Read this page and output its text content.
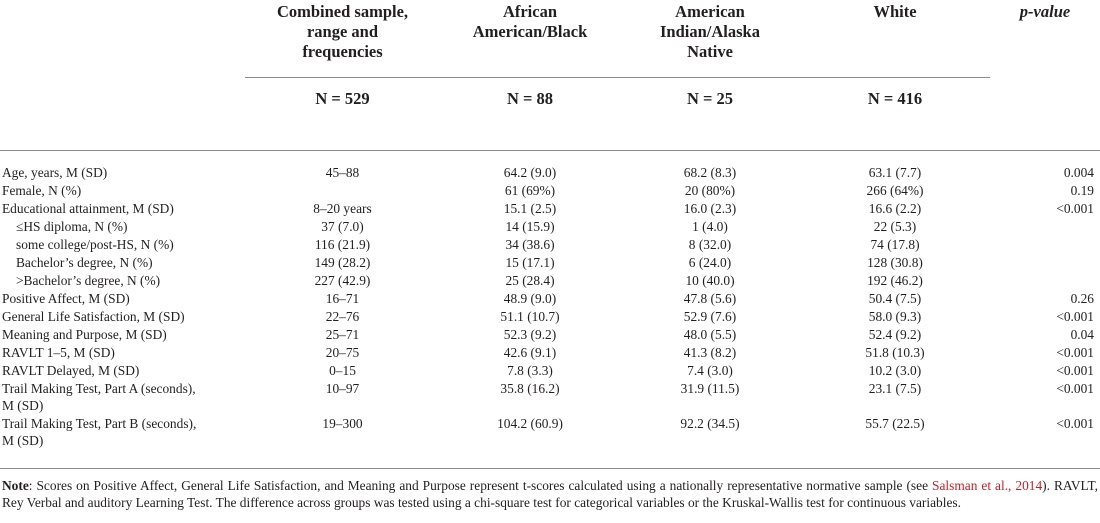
	Combined sample,
range and
frequencies	African
American/Black	American
Indian/Alaska
Native	White	p-value
	N = 529	N = 88	N = 25	N = 416	

Age, years, M (SD)	45–88	64.2 (9.0)	68.2 (8.3)	63.1 (7.7)	0.004
Female, N (%)		61 (69%)	20 (80%)	266 (64%)	0.19
Educational attainment, M (SD)	8–20 years	15.1 (2.5)	16.0 (2.3)	16.6 (2.2)	<0.001
≤HS diploma, N (%)	37 (7.0)	14 (15.9)	1 (4.0)	22 (5.3)	
some college/post-HS, N (%)	116 (21.9)	34 (38.6)	8 (32.0)	74 (17.8)	
Bachelor’s degree, N (%)	149 (28.2)	15 (17.1)	6 (24.0)	128 (30.8)	
>Bachelor’s degree, N (%)	227 (42.9)	25 (28.4)	10 (40.0)	192 (46.2)	
Positive Affect, M (SD)	16–71	48.9 (9.0)	47.8 (5.6)	50.4 (7.5)	0.26
General Life Satisfaction, M (SD)	22–76	51.1 (10.7)	52.9 (7.6)	58.0 (9.3)	<0.001
Meaning and Purpose, M (SD)	25–71	52.3 (9.2)	48.0 (5.5)	52.4 (9.2)	0.04
RAVLT 1–5, M (SD)	20–75	42.6 (9.1)	41.3 (8.2)	51.8 (10.3)	<0.001
RAVLT Delayed, M (SD)	0–15	7.8 (3.3)	7.4 (3.0)	10.2 (3.0)	<0.001
Trail Making Test, Part A (seconds),
M (SD)	10–97	35.8 (16.2)	31.9 (11.5)	23.1 (7.5)	<0.001
Trail Making Test, Part B (seconds),
M (SD)	19–300	104.2 (60.9)	92.2 (34.5)	55.7 (22.5)	<0.001
Note: Scores on Positive Affect, General Life Satisfaction, and Meaning and Purpose represent t-scores calculated using a nationally representative normative sample (see Salsman et al., 2014). RAVLT, Rey Verbal and auditory Learning Test. The difference across groups was tested using a chi-square test for categorical variables or the Kruskal-Wallis test for continuous variables.
